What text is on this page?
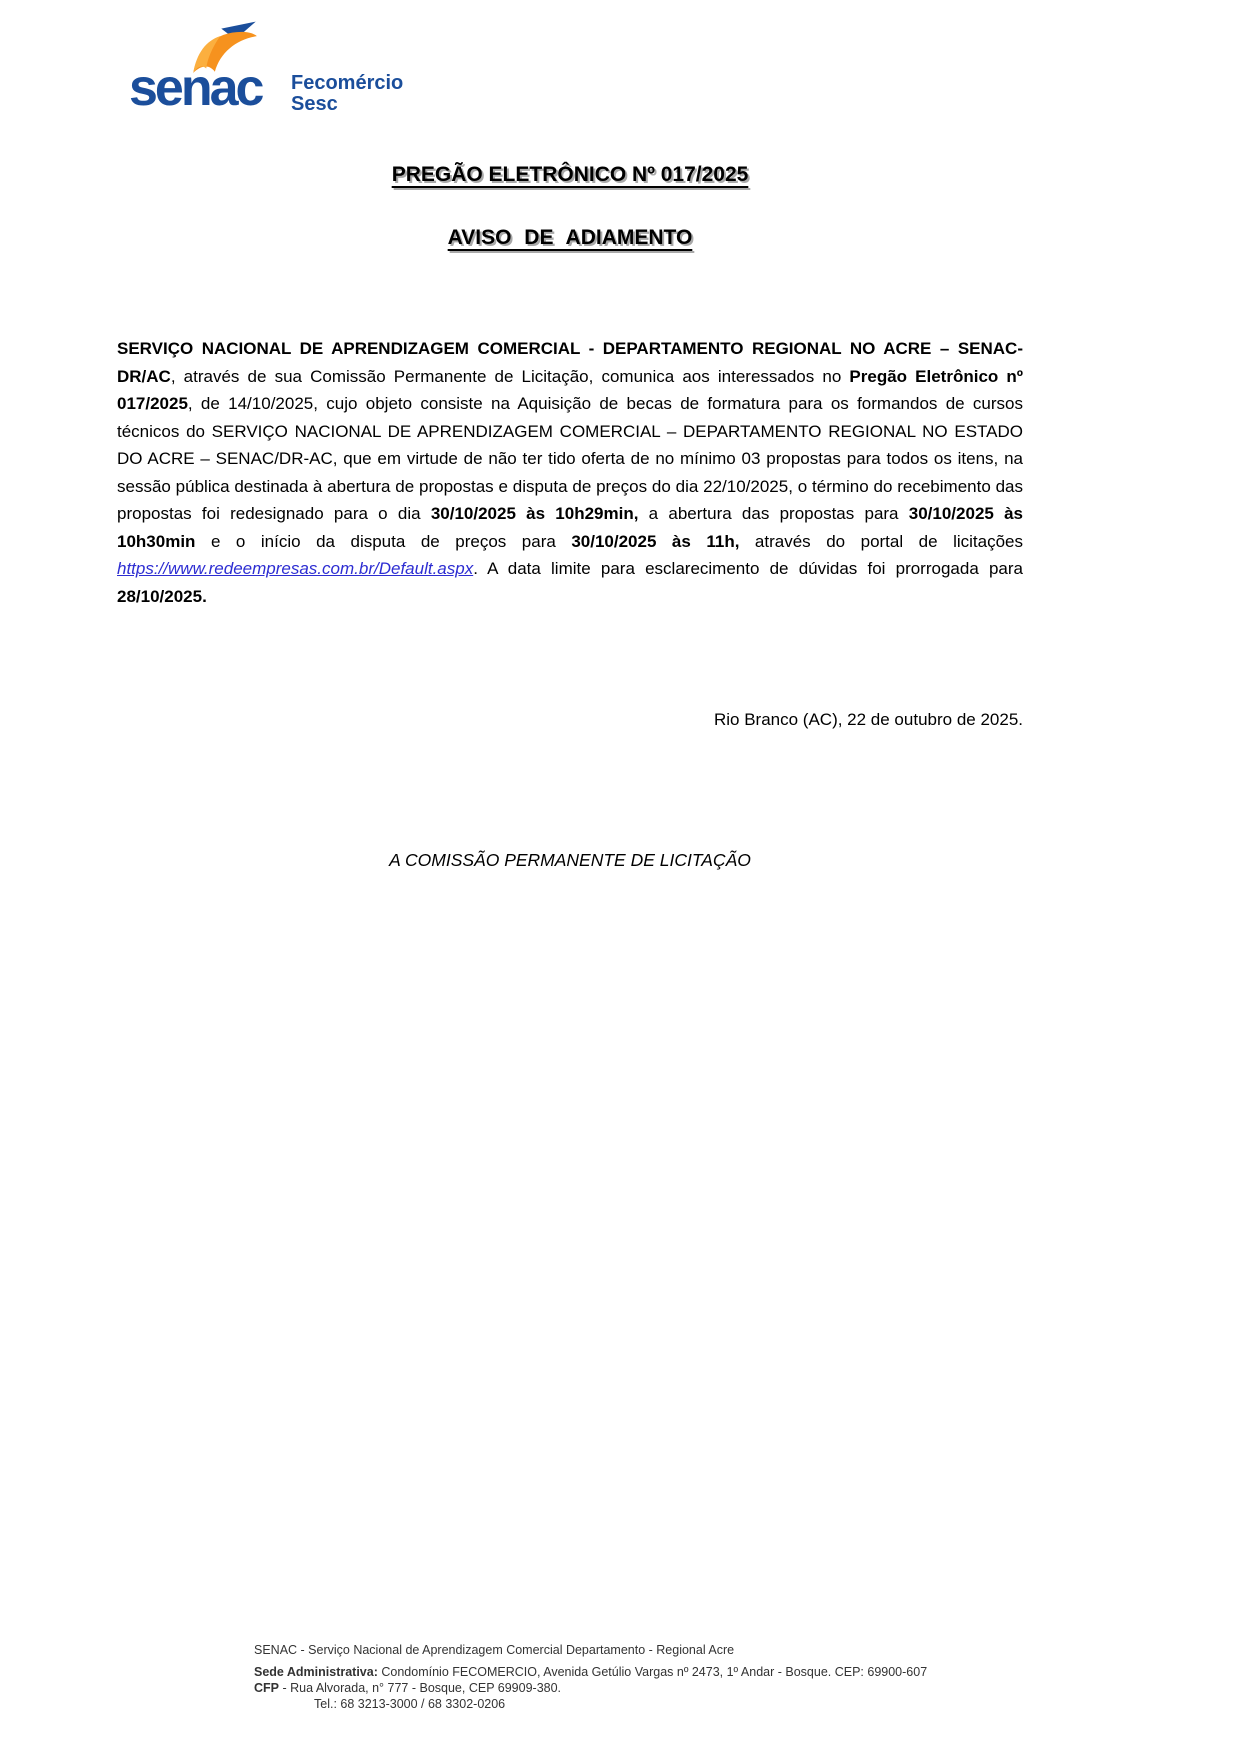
senac Fecomércio
Sesc
PREGÃO ELETRÔNICO Nº 017/2025
AVISO DE ADIAMENTO

SERVIÇO NACIONAL DE APRENDIZAGEM COMERCIAL - DEPARTAMENTO REGIONAL NO ACRE – SENAC-DR/AC, através de sua Comissão Permanente de Licitação, comunica aos interessados no Pregão Eletrônico nº 017/2025, de 14/10/2025, cujo objeto consiste na Aquisição de becas de formatura para os formandos de cursos técnicos do SERVIÇO NACIONAL DE APRENDIZAGEM COMERCIAL – DEPARTAMENTO REGIONAL NO ESTADO DO ACRE – SENAC/DR-AC, que em virtude de não ter tido oferta de no mínimo 03 propostas para todos os itens, na sessão pública destinada à abertura de propostas e disputa de preços do dia 22/10/2025, o término do recebimento das propostas foi redesignado para o dia 30/10/2025 às 10h29min, a abertura das propostas para 30/10/2025 às 10h30min e o início da disputa de preços para 30/10/2025 às 11h, através do portal de licitações https://www.redeempresas.com.br/Default.aspx. A data limite para esclarecimento de dúvidas foi prorrogada para 28/10/2025.

Rio Branco (AC), 22 de outubro de 2025.
A COMISSÃO PERMANENTE DE LICITAÇÃO
SENAC - Serviço Nacional de Aprendizagem Comercial Departamento - Regional Acre
Sede Administrativa: Condomínio FECOMERCIO, Avenida Getúlio Vargas nº 2473, 1º Andar - Bosque. CEP: 69900-607
CFP - Rua Alvorada, n° 777 - Bosque, CEP 69909-380.
Tel.: 68 3213-3000 / 68 3302-0206
